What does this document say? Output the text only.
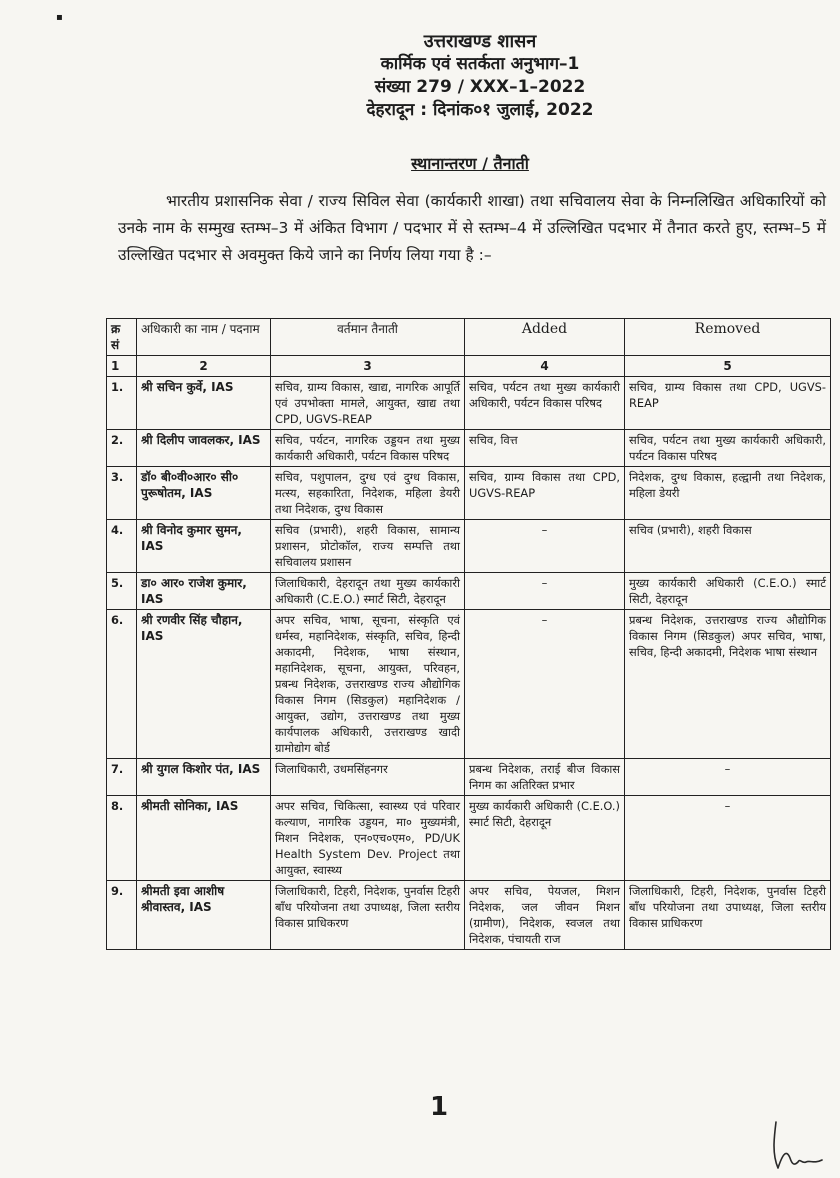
▪
उत्तराखण्ड शासन
कार्मिक एवं सतर्कता अनुभाग–1
संख्या 279 / XXX–1–2022
देहरादून : दिनांक०१ जुलाई, 2022
स्थानान्तरण / तैनाती
भारतीय प्रशासनिक सेवा / राज्य सिविल सेवा (कार्यकारी शाखा) तथा सचिवालय सेवा के निम्नलिखित अधिकारियों को उनके नाम के सम्मुख स्तम्भ–3 में अंकित विभाग / पदभार में से स्तम्भ–4 में उल्लिखित पदभार में तैनात करते हुए, स्तम्भ–5 में उल्लिखित पदभार से अवमुक्त किये जाने का निर्णय लिया गया है :–
क्र सं	अधिकारी का नाम / पदनाम	वर्तमान तैनाती	Added	Removed
1	2	3	4	5
1.	श्री सचिन कुर्वे, IAS	सचिव, ग्राम्य विकास, खाद्य, नागरिक आपूर्ति एवं उपभोक्ता मामले, आयुक्त, खाद्य तथा CPD, UGVS-REAP	सचिव, पर्यटन तथा मुख्य कार्यकारी अधिकारी, पर्यटन विकास परिषद	सचिव, ग्राम्य विकास तथा CPD, UGVS-REAP
2.	श्री दिलीप जावलकर, IAS	सचिव, पर्यटन, नागरिक उड्डयन तथा मुख्य कार्यकारी अधिकारी, पर्यटन विकास परिषद	सचिव, वित्त	सचिव, पर्यटन तथा मुख्य कार्यकारी अधिकारी, पर्यटन विकास परिषद
3.	डॉ० बी०वी०आर० सी० पुरूषोतम, IAS	सचिव, पशुपालन, दुग्ध एवं दुग्ध विकास, मत्स्य, सहकारिता, निदेशक, महिला डेयरी तथा निदेशक, दुग्ध विकास	सचिव, ग्राम्य विकास तथा CPD, UGVS-REAP	निदेशक, दुग्ध विकास, हल्द्वानी तथा निदेशक, महिला डेयरी
4.	श्री विनोद कुमार सुमन, IAS	सचिव (प्रभारी), शहरी विकास, सामान्य प्रशासन, प्रोटोकॉल, राज्य सम्पत्ति तथा सचिवालय प्रशासन	–	सचिव (प्रभारी), शहरी विकास
5.	डा० आर० राजेश कुमार, IAS	जिलाधिकारी, देहरादून तथा मुख्य कार्यकारी अधिकारी (C.E.O.) स्मार्ट सिटी, देहरादून	–	मुख्य कार्यकारी अधिकारी (C.E.O.) स्मार्ट सिटी, देहरादून
6.	श्री रणवीर सिंह चौहान, IAS	अपर सचिव, भाषा, सूचना, संस्कृति एवं धर्मस्व, महानिदेशक, संस्कृति, सचिव, हिन्दी अकादमी, निदेशक, भाषा संस्थान, महानिदेशक, सूचना, आयुक्त, परिवहन, प्रबन्ध निदेशक, उत्तराखण्ड राज्य औद्योगिक विकास निगम (सिडकुल) महानिदेशक / आयुक्त, उद्योग, उत्तराखण्ड तथा मुख्य कार्यपालक अधिकारी, उत्तराखण्ड खादी ग्रामोद्योग बोर्ड	–	प्रबन्ध निदेशक, उत्तराखण्ड राज्य औद्योगिक विकास निगम (सिडकुल) अपर सचिव, भाषा, सचिव, हिन्दी अकादमी, निदेशक भाषा संस्थान
7.	श्री युगल किशोर पंत, IAS	जिलाधिकारी, उधमसिंहनगर	प्रबन्ध निदेशक, तराई बीज विकास निगम का अतिरिक्त प्रभार	–
8.	श्रीमती सोनिका, IAS	अपर सचिव, चिकित्सा, स्वास्थ्य एवं परिवार कल्याण, नागरिक उड्डयन, मा० मुख्यमंत्री, मिशन निदेशक, एन०एच०एम०, PD/UK Health System Dev. Project तथा आयुक्त, स्वास्थ्य	मुख्य कार्यकारी अधिकारी (C.E.O.) स्मार्ट सिटी, देहरादून	–
9.	श्रीमती इवा आशीष श्रीवास्तव, IAS	जिलाधिकारी, टिहरी, निदेशक, पुनर्वास टिहरी बाँध परियोजना तथा उपाध्यक्ष, जिला स्तरीय विकास प्राधिकरण	अपर सचिव, पेयजल, मिशन निदेशक, जल जीवन मिशन (ग्रामीण), निदेशक, स्वजल तथा निदेशक, पंचायती राज	जिलाधिकारी, टिहरी, निदेशक, पुनर्वास टिहरी बाँध परियोजना तथा उपाध्यक्ष, जिला स्तरीय विकास प्राधिकरण
1
